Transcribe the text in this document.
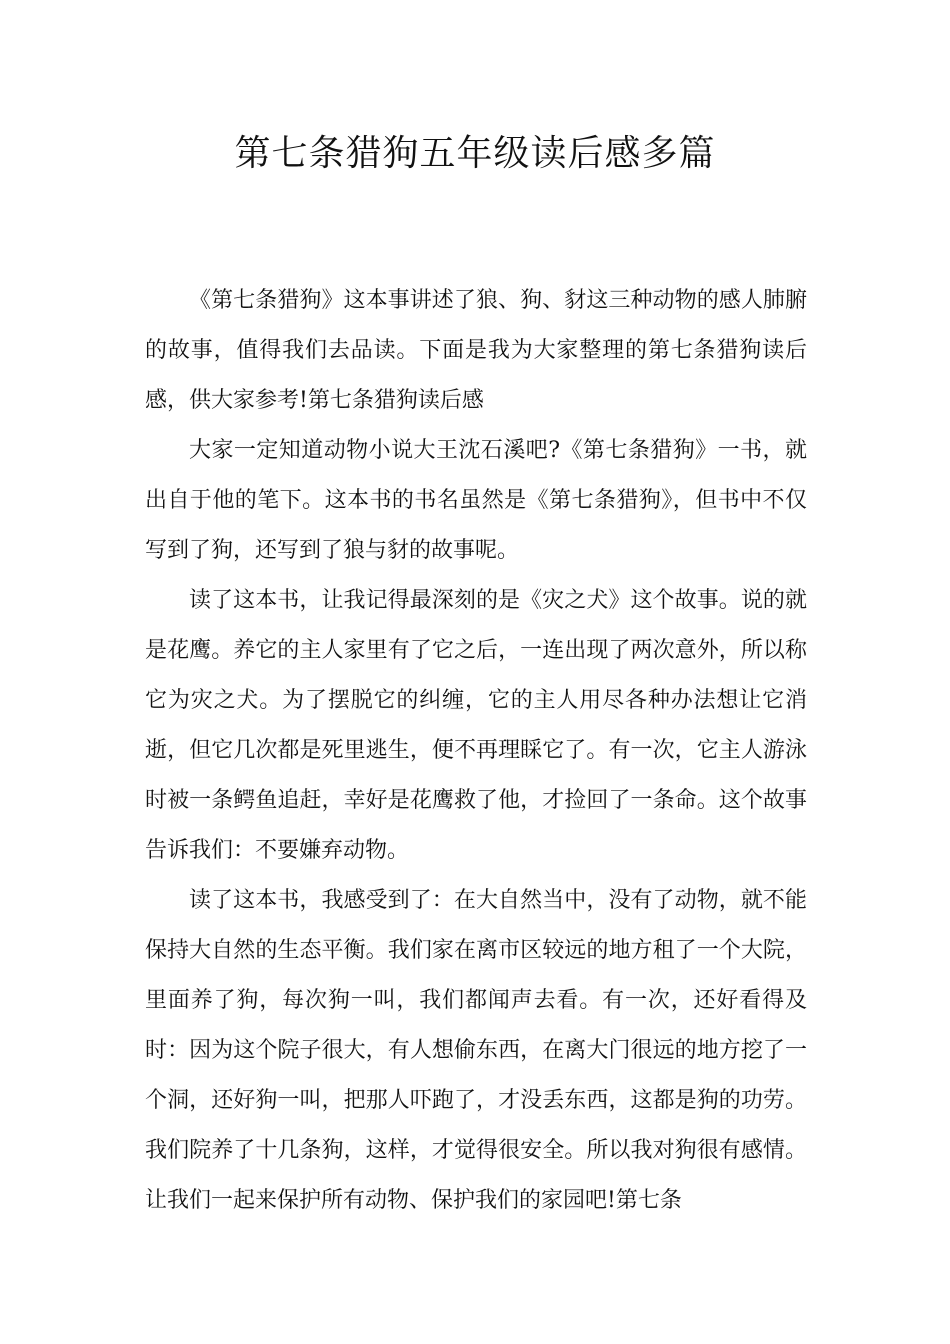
第七条猎狗五年级读后感多篇

《第七条猎狗》这本事讲述了狼、狗、豺这三种动物的感人肺腑的故事，值得我们去品读。下面是我为大家整理的第七条猎狗读后感，供大家参考!第七条猎狗读后感

大家一定知道动物小说大王沈石溪吧?《第七条猎狗》一书，就出自于他的笔下。这本书的书名虽然是《第七条猎狗》，但书中不仅写到了狗，还写到了狼与豺的故事呢。

读了这本书，让我记得最深刻的是《灾之犬》这个故事。说的就是花鹰。养它的主人家里有了它之后，一连出现了两次意外，所以称它为灾之犬。为了摆脱它的纠缠，它的主人用尽各种办法想让它消逝，但它几次都是死里逃生，便不再理睬它了。有一次，它主人游泳时被一条鳄鱼追赶，幸好是花鹰救了他，才捡回了一条命。这个故事告诉我们：不要嫌弃动物。

读了这本书，我感受到了：在大自然当中，没有了动物，就不能保持大自然的生态平衡。我们家在离市区较远的地方租了一个大院，里面养了狗，每次狗一叫，我们都闻声去看。有一次，还好看得及时：因为这个院子很大，有人想偷东西，在离大门很远的地方挖了一个洞，还好狗一叫，把那人吓跑了，才没丢东西，这都是狗的功劳。我们院养了十几条狗，这样，才觉得很安全。所以我对狗很有感情。让我们一起来保护所有动物、保护我们的家园吧!第七条
